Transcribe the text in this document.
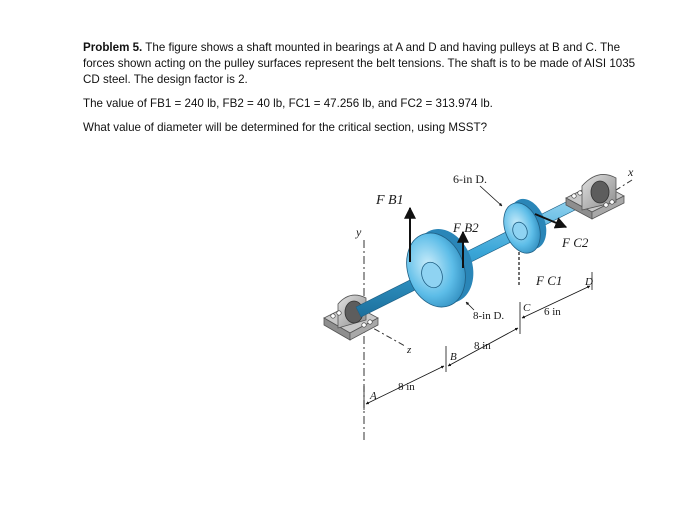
Problem 5. The figure shows a shaft mounted in bearings at A and D and having pulleys at B and C. The forces shown acting on the pulley surfaces represent the belt tensions. The shaft is to be made of AISI 1035 CD steel. The design factor is 2.

The value of FB1 = 240 lb, FB2 = 40 lb, FC1 = 47.256 lb, and FC2 = 313.974 lb.

What value of diameter will be determined for the critical section, using MSST?

y
x
z
F B1
F B2
F C2
F C1
6-in D.
8-in D.
A
B
C
D
8 in
8 in
6 in
